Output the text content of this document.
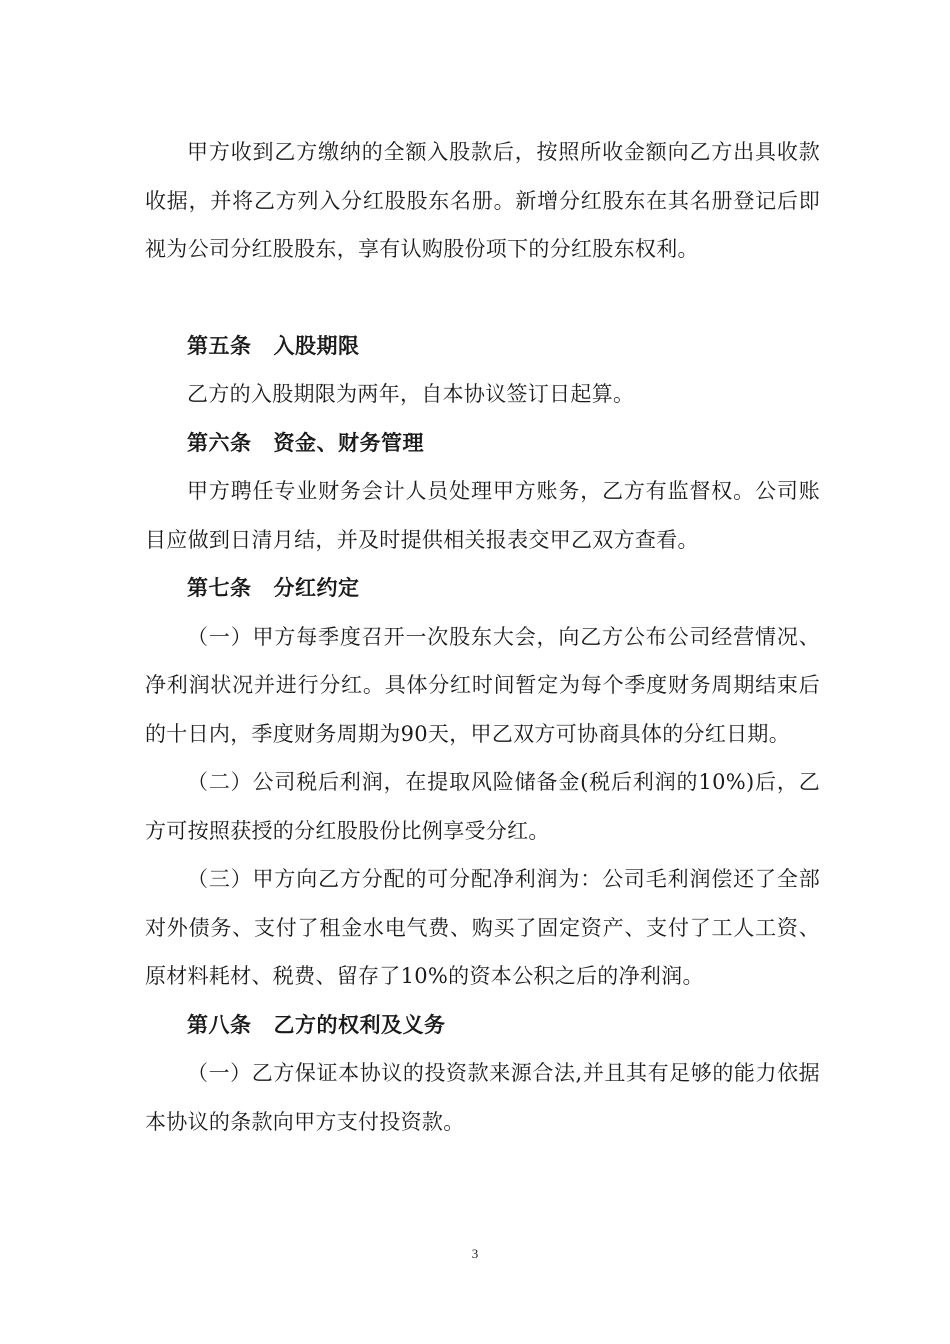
甲方收到乙方缴纳的全额入股款后，按照所收金额向乙方出具收款收据，并将乙方列入分红股股东名册。新增分红股东在其名册登记后即视为公司分红股股东，享有认购股份项下的分红股东权利。

第五条 入股期限

乙方的入股期限为两年，自本协议签订日起算。

第六条 资金、财务管理

甲方聘任专业财务会计人员处理甲方账务，乙方有监督权。公司账目应做到日清月结，并及时提供相关报表交甲乙双方查看。

第七条 分红约定

（一）甲方每季度召开一次股东大会，向乙方公布公司经营情况、净利润状况并进行分红。具体分红时间暂定为每个季度财务周期结束后的十日内，季度财务周期为90天，甲乙双方可协商具体的分红日期。

（二）公司税后利润，在提取风险储备金(税后利润的10%)后，乙方可按照获授的分红股股份比例享受分红。

（三）甲方向乙方分配的可分配净利润为：公司毛利润偿还了全部对外债务、支付了租金水电气费、购买了固定资产、支付了工人工资、原材料耗材、税费、留存了10%的资本公积之后的净利润。

第八条 乙方的权利及义务

（一）乙方保证本协议的投资款来源合法,并且其有足够的能力依据本协议的条款向甲方支付投资款。

3
